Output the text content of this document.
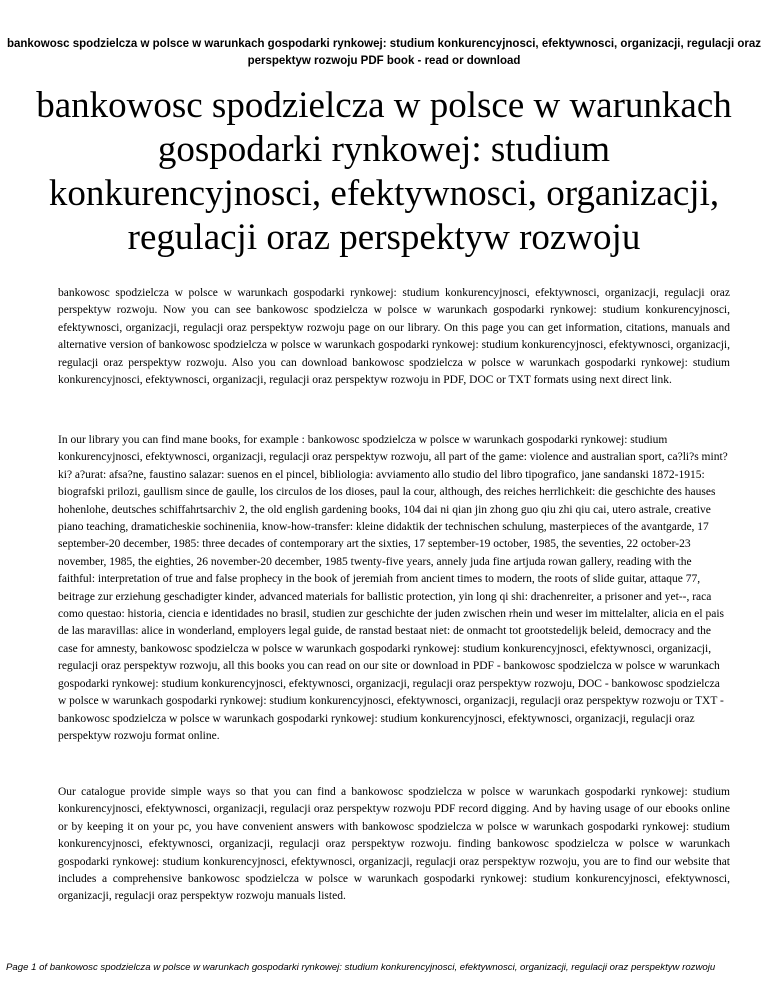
bankowosc spodzielcza w polsce w warunkach gospodarki rynkowej: studium konkurencyjnosci, efektywnosci, organizacji, regulacji oraz perspektyw rozwoju PDF book - read or download
bankowosc spodzielcza w polsce w warunkach gospodarki rynkowej: studium konkurencyjnosci, efektywnosci, organizacji, regulacji oraz perspektyw rozwoju
bankowosc spodzielcza w polsce w warunkach gospodarki rynkowej: studium konkurencyjnosci, efektywnosci, organizacji, regulacji oraz perspektyw rozwoju. Now you can see bankowosc spodzielcza w polsce w warunkach gospodarki rynkowej: studium konkurencyjnosci, efektywnosci, organizacji, regulacji oraz perspektyw rozwoju page on our library. On this page you can get information, citations, manuals and alternative version of bankowosc spodzielcza w polsce w warunkach gospodarki rynkowej: studium konkurencyjnosci, efektywnosci, organizacji, regulacji oraz perspektyw rozwoju. Also you can download bankowosc spodzielcza w polsce w warunkach gospodarki rynkowej: studium konkurencyjnosci, efektywnosci, organizacji, regulacji oraz perspektyw rozwoju in PDF, DOC or TXT formats using next direct link.
In our library you can find mane books, for example : bankowosc spodzielcza w polsce w warunkach gospodarki rynkowej: studium konkurencyjnosci, efektywnosci, organizacji, regulacji oraz perspektyw rozwoju, all part of the game: violence and australian sport, ca?li?s mint? ki? a?urat: afsa?ne, faustino salazar: suenos en el pincel, bibliologia: avviamento allo studio del libro tipografico, jane sandanski 1872-1915: biografski prilozi, gaullism since de gaulle, los circulos de los dioses, paul la cour, although, des reiches herrlichkeit: die geschichte des hauses hohenlohe, deutsches schiffahrtsarchiv 2, the old english gardening books, 104 dai ni qian jin zhong guo qiu zhi qiu cai, utero astrale, creative piano teaching, dramaticheskie sochineniia, know-how-transfer: kleine didaktik der technischen schulung, masterpieces of the avantgarde, 17 september-20 december, 1985: three decades of contemporary art the sixties, 17 september-19 october, 1985, the seventies, 22 october-23 november, 1985, the eighties, 26 november-20 december, 1985 twenty-five years, annely juda fine artjuda rowan gallery, reading with the faithful: interpretation of true and false prophecy in the book of jeremiah from ancient times to modern, the roots of slide guitar, attaque 77, beitrage zur erziehung geschadigter kinder, advanced materials for ballistic protection, yin long qi shi: drachenreiter, a prisoner and yet--, raca como questao: historia, ciencia e identidades no brasil, studien zur geschichte der juden zwischen rhein und weser im mittelalter, alicia en el pais de las maravillas: alice in wonderland, employers legal guide, de ranstad bestaat niet: de onmacht tot grootstedelijk beleid, democracy and the case for amnesty, bankowosc spodzielcza w polsce w warunkach gospodarki rynkowej: studium konkurencyjnosci, efektywnosci, organizacji, regulacji oraz perspektyw rozwoju, all this books you can read on our site or download in PDF - bankowosc spodzielcza w polsce w warunkach gospodarki rynkowej: studium konkurencyjnosci, efektywnosci, organizacji, regulacji oraz perspektyw rozwoju, DOC - bankowosc spodzielcza w polsce w warunkach gospodarki rynkowej: studium konkurencyjnosci, efektywnosci, organizacji, regulacji oraz perspektyw rozwoju or TXT - bankowosc spodzielcza w polsce w warunkach gospodarki rynkowej: studium konkurencyjnosci, efektywnosci, organizacji, regulacji oraz perspektyw rozwoju format online.
Our catalogue provide simple ways so that you can find a bankowosc spodzielcza w polsce w warunkach gospodarki rynkowej: studium konkurencyjnosci, efektywnosci, organizacji, regulacji oraz perspektyw rozwoju PDF record digging. And by having usage of our ebooks online or by keeping it on your pc, you have convenient answers with bankowosc spodzielcza w polsce w warunkach gospodarki rynkowej: studium konkurencyjnosci, efektywnosci, organizacji, regulacji oraz perspektyw rozwoju. finding bankowosc spodzielcza w polsce w warunkach gospodarki rynkowej: studium konkurencyjnosci, efektywnosci, organizacji, regulacji oraz perspektyw rozwoju, you are to find our website that includes a comprehensive bankowosc spodzielcza w polsce w warunkach gospodarki rynkowej: studium konkurencyjnosci, efektywnosci, organizacji, regulacji oraz perspektyw rozwoju manuals listed.
Page 1 of bankowosc spodzielcza w polsce w warunkach gospodarki rynkowej: studium konkurencyjnosci, efektywnosci, organizacji, regulacji oraz perspektyw rozwoju
